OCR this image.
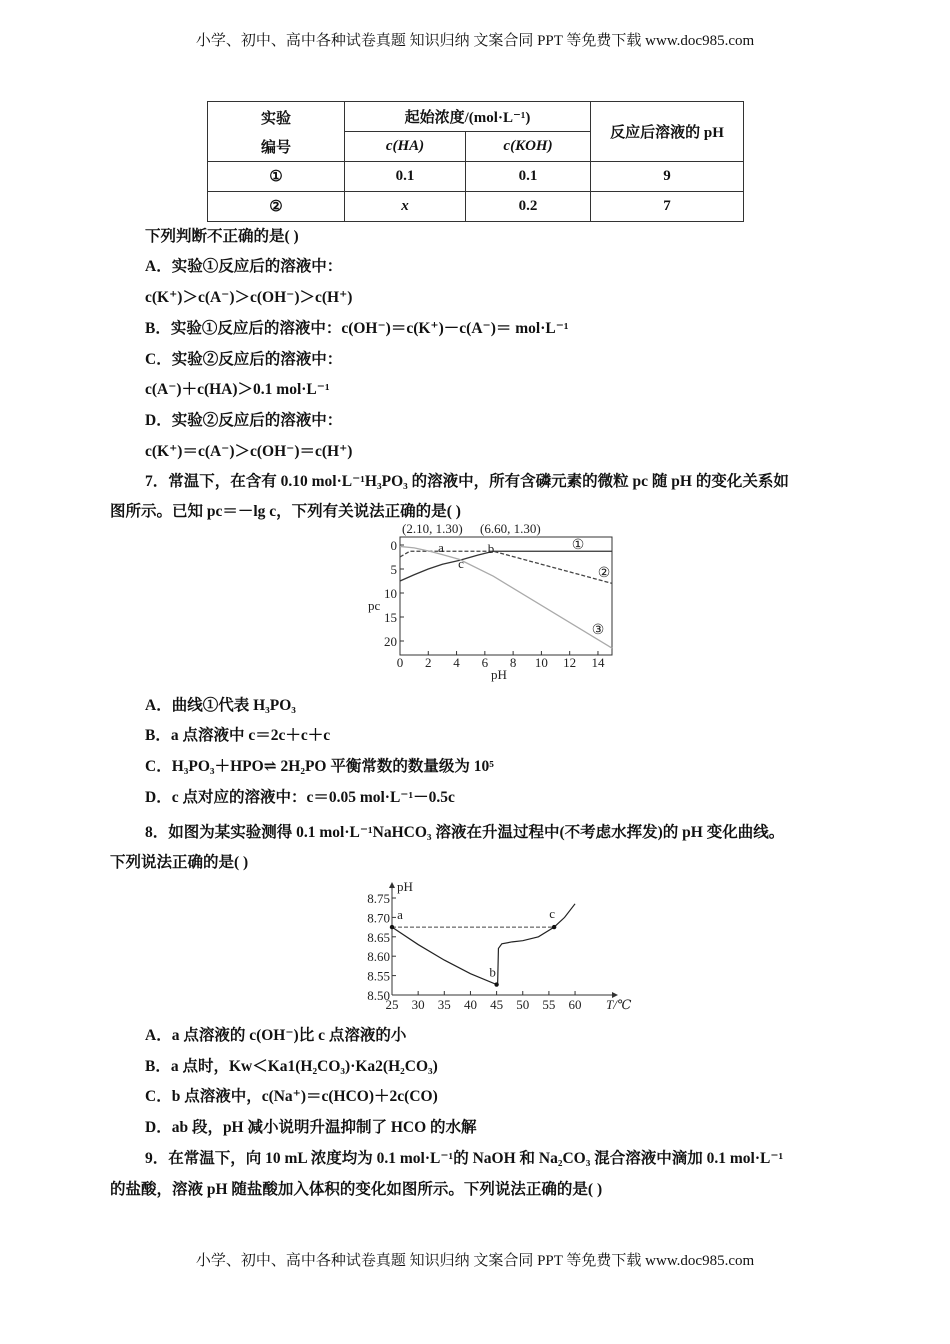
小学、初中、高中各种试卷真题 知识归纳 文案合同 PPT 等免费下载 www.doc985.com
实验
编号	起始浓度/(mol·L⁻¹)		反应后溶液的 pH
	c(HA)	c(KOH)	
①	0.1	0.1	9
②	x	0.2	7
下列判断不正确的是( )
A．实验①反应后的溶液中：
c(K⁺)＞c(A⁻)＞c(OH⁻)＞c(H⁺)
B．实验①反应后的溶液中：c(OH⁻)＝c(K⁺)－c(A⁻)＝ mol·L⁻¹
C．实验②反应后的溶液中：
c(A⁻)＋c(HA)＞0.1 mol·L⁻¹
D．实验②反应后的溶液中：
c(K⁺)＝c(A⁻)＞c(OH⁻)＝c(H⁺)
7．常温下，在含有 0.10 mol·L⁻¹H₃PO₃ 的溶液中，所有含磷元素的微粒 pc 随 pH 的变化关系如
图所示。已知 pc＝－lg c，下列有关说法正确的是( )
0 2 4 6 8 10 12 14
0
5
10
15
20
pH
pc
①
②
③
(2.10, 1.30) (6.60, 1.30)
a	b
c
25 30 35 40 45 50 55 60
8.50
8.55
8.60
8.65
8.70
8.75
T/℃
pH
a
b
c
A．曲线①代表 H₃PO₃
B．a 点溶液中 c＝2c＋c＋c
C．H₃PO₃＋HPO⇌ 2H₂PO 平衡常数的数量级为 10⁵
D．c 点对应的溶液中：c＝0.05 mol·L⁻¹－0.5c
8．如图为某实验测得 0.1 mol·L⁻¹NaHCO₃ 溶液在升温过程中(不考虑水挥发)的 pH 变化曲线。
下列说法正确的是( )
A．a 点溶液的 c(OH⁻)比 c 点溶液的小
B．a 点时，Kw＜Ka1(H₂CO₃)·Ka2(H₂CO₃)
C．b 点溶液中，c(Na⁺)＝c(HCO)＋2c(CO)
D．ab 段，pH 减小说明升温抑制了 HCO 的水解
9．在常温下，向 10 mL 浓度均为 0.1 mol·L⁻¹的 NaOH 和 Na₂CO₃ 混合溶液中滴加 0.1 mol·L⁻¹
的盐酸，溶液 pH 随盐酸加入体积的变化如图所示。下列说法正确的是( )
小学、初中、高中各种试卷真题 知识归纳 文案合同 PPT 等免费下载 www.doc985.com
